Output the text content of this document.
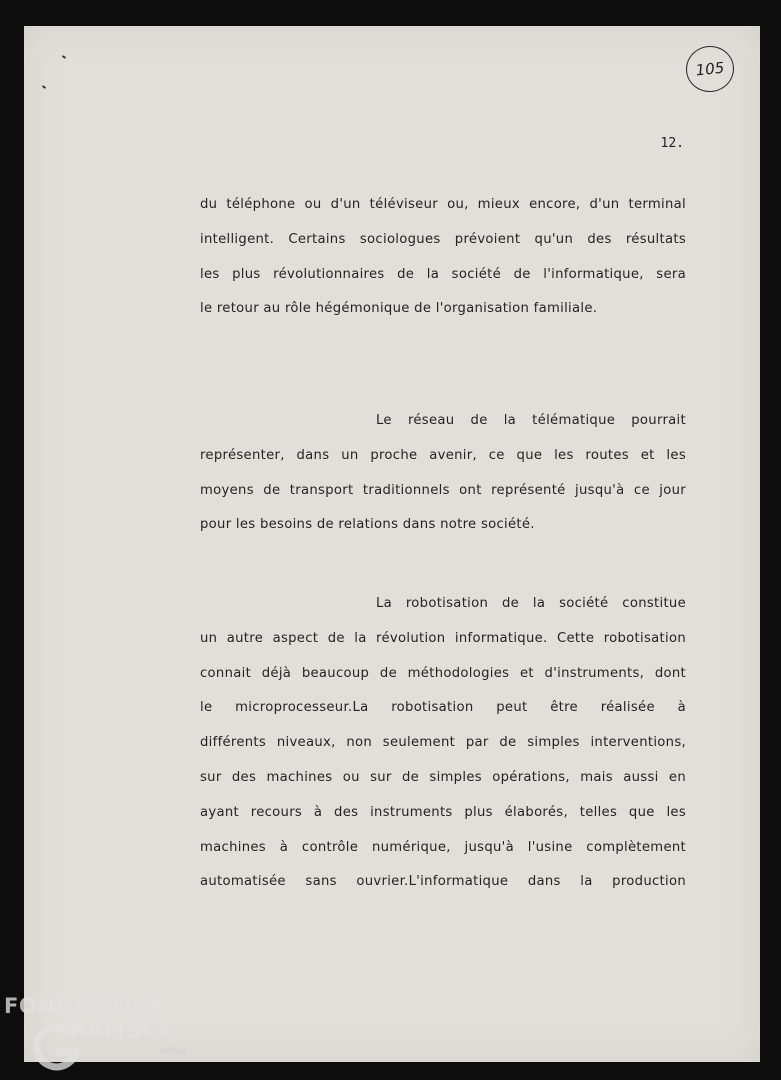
105
12.
du téléphone ou d'un téléviseur ou, mieux encore, d'un terminal
intelligent. Certains sociologues prévoient qu'un des résultats
les plus révolutionnaires de la société de l'informatique, sera
le retour au rôle hégémonique de l'organisation familiale.
Le réseau de la télématique pourrait
représenter, dans un proche avenir, ce que les routes et les
moyens de transport traditionnels ont représenté jusqu'à ce jour
pour les besoins de relations dans notre société.
La robotisation de la société constitue
un autre aspect de la révolution informatique. Cette robotisation
connait déjà beaucoup de méthodologies et d'instruments, dont
le microprocesseur.La robotisation peut être réalisée à
différents niveaux, non seulement par de simples interventions,
sur des machines ou sur de simples opérations, mais aussi en
ayant recours à des instruments plus élaborés, telles que les
machines à contrôle numérique, jusqu'à l'usine complètement
automatisée sans ouvrier.L'informatique dans la production
FONDAZIONE
RAMSCI
onlus
